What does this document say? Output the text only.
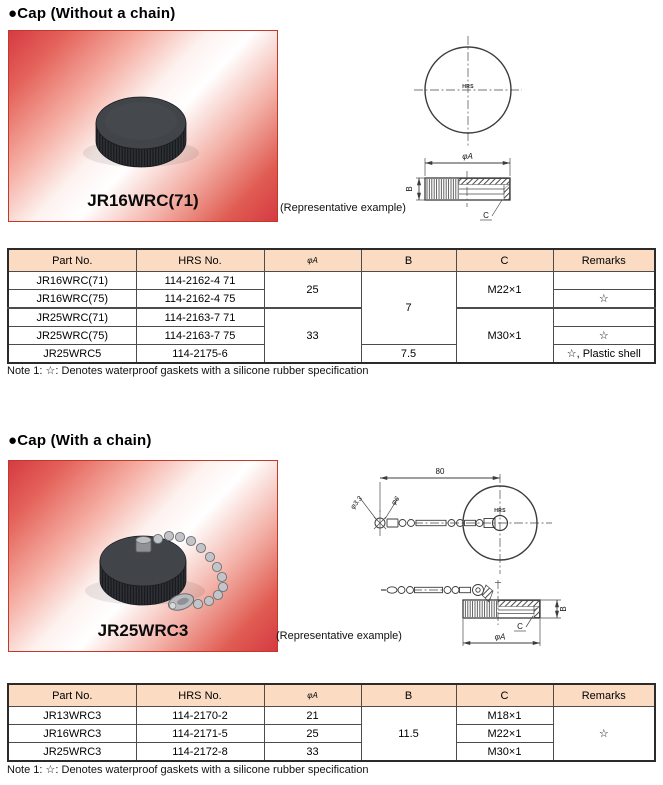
●Cap (Without a chain)
JR16WRC(71)	(Representative example)
HRS
φA
B
C
Part No.	HRS No.	φA	B	C	Remarks
JR16WRC(71)	114-2162-4 71	25	7	M22×1	
JR16WRC(75)	114-2162-4 75				☆
JR25WRC(71)	114-2163-7 71	33		M30×1	
JR25WRC(75)	114-2163-7 75				☆
JR25WRC5	114-2175-6		7.5		☆, Plastic shell
Note 1: ☆: Denotes waterproof gaskets with a silicone rubber specification
●Cap (With a chain)
JR25WRC3	(Representative example)
80
HRS
φ3.3	φ6
B
C
φA
Part No.	HRS No.	φA	B	C	Remarks
JR13WRC3	114-2170-2	21	11.5	M18×1	☆
JR16WRC3	114-2171-5	25		M22×1	
JR25WRC3	114-2172-8	33		M30×1	
Note 1: ☆: Denotes waterproof gaskets with a silicone rubber specification
